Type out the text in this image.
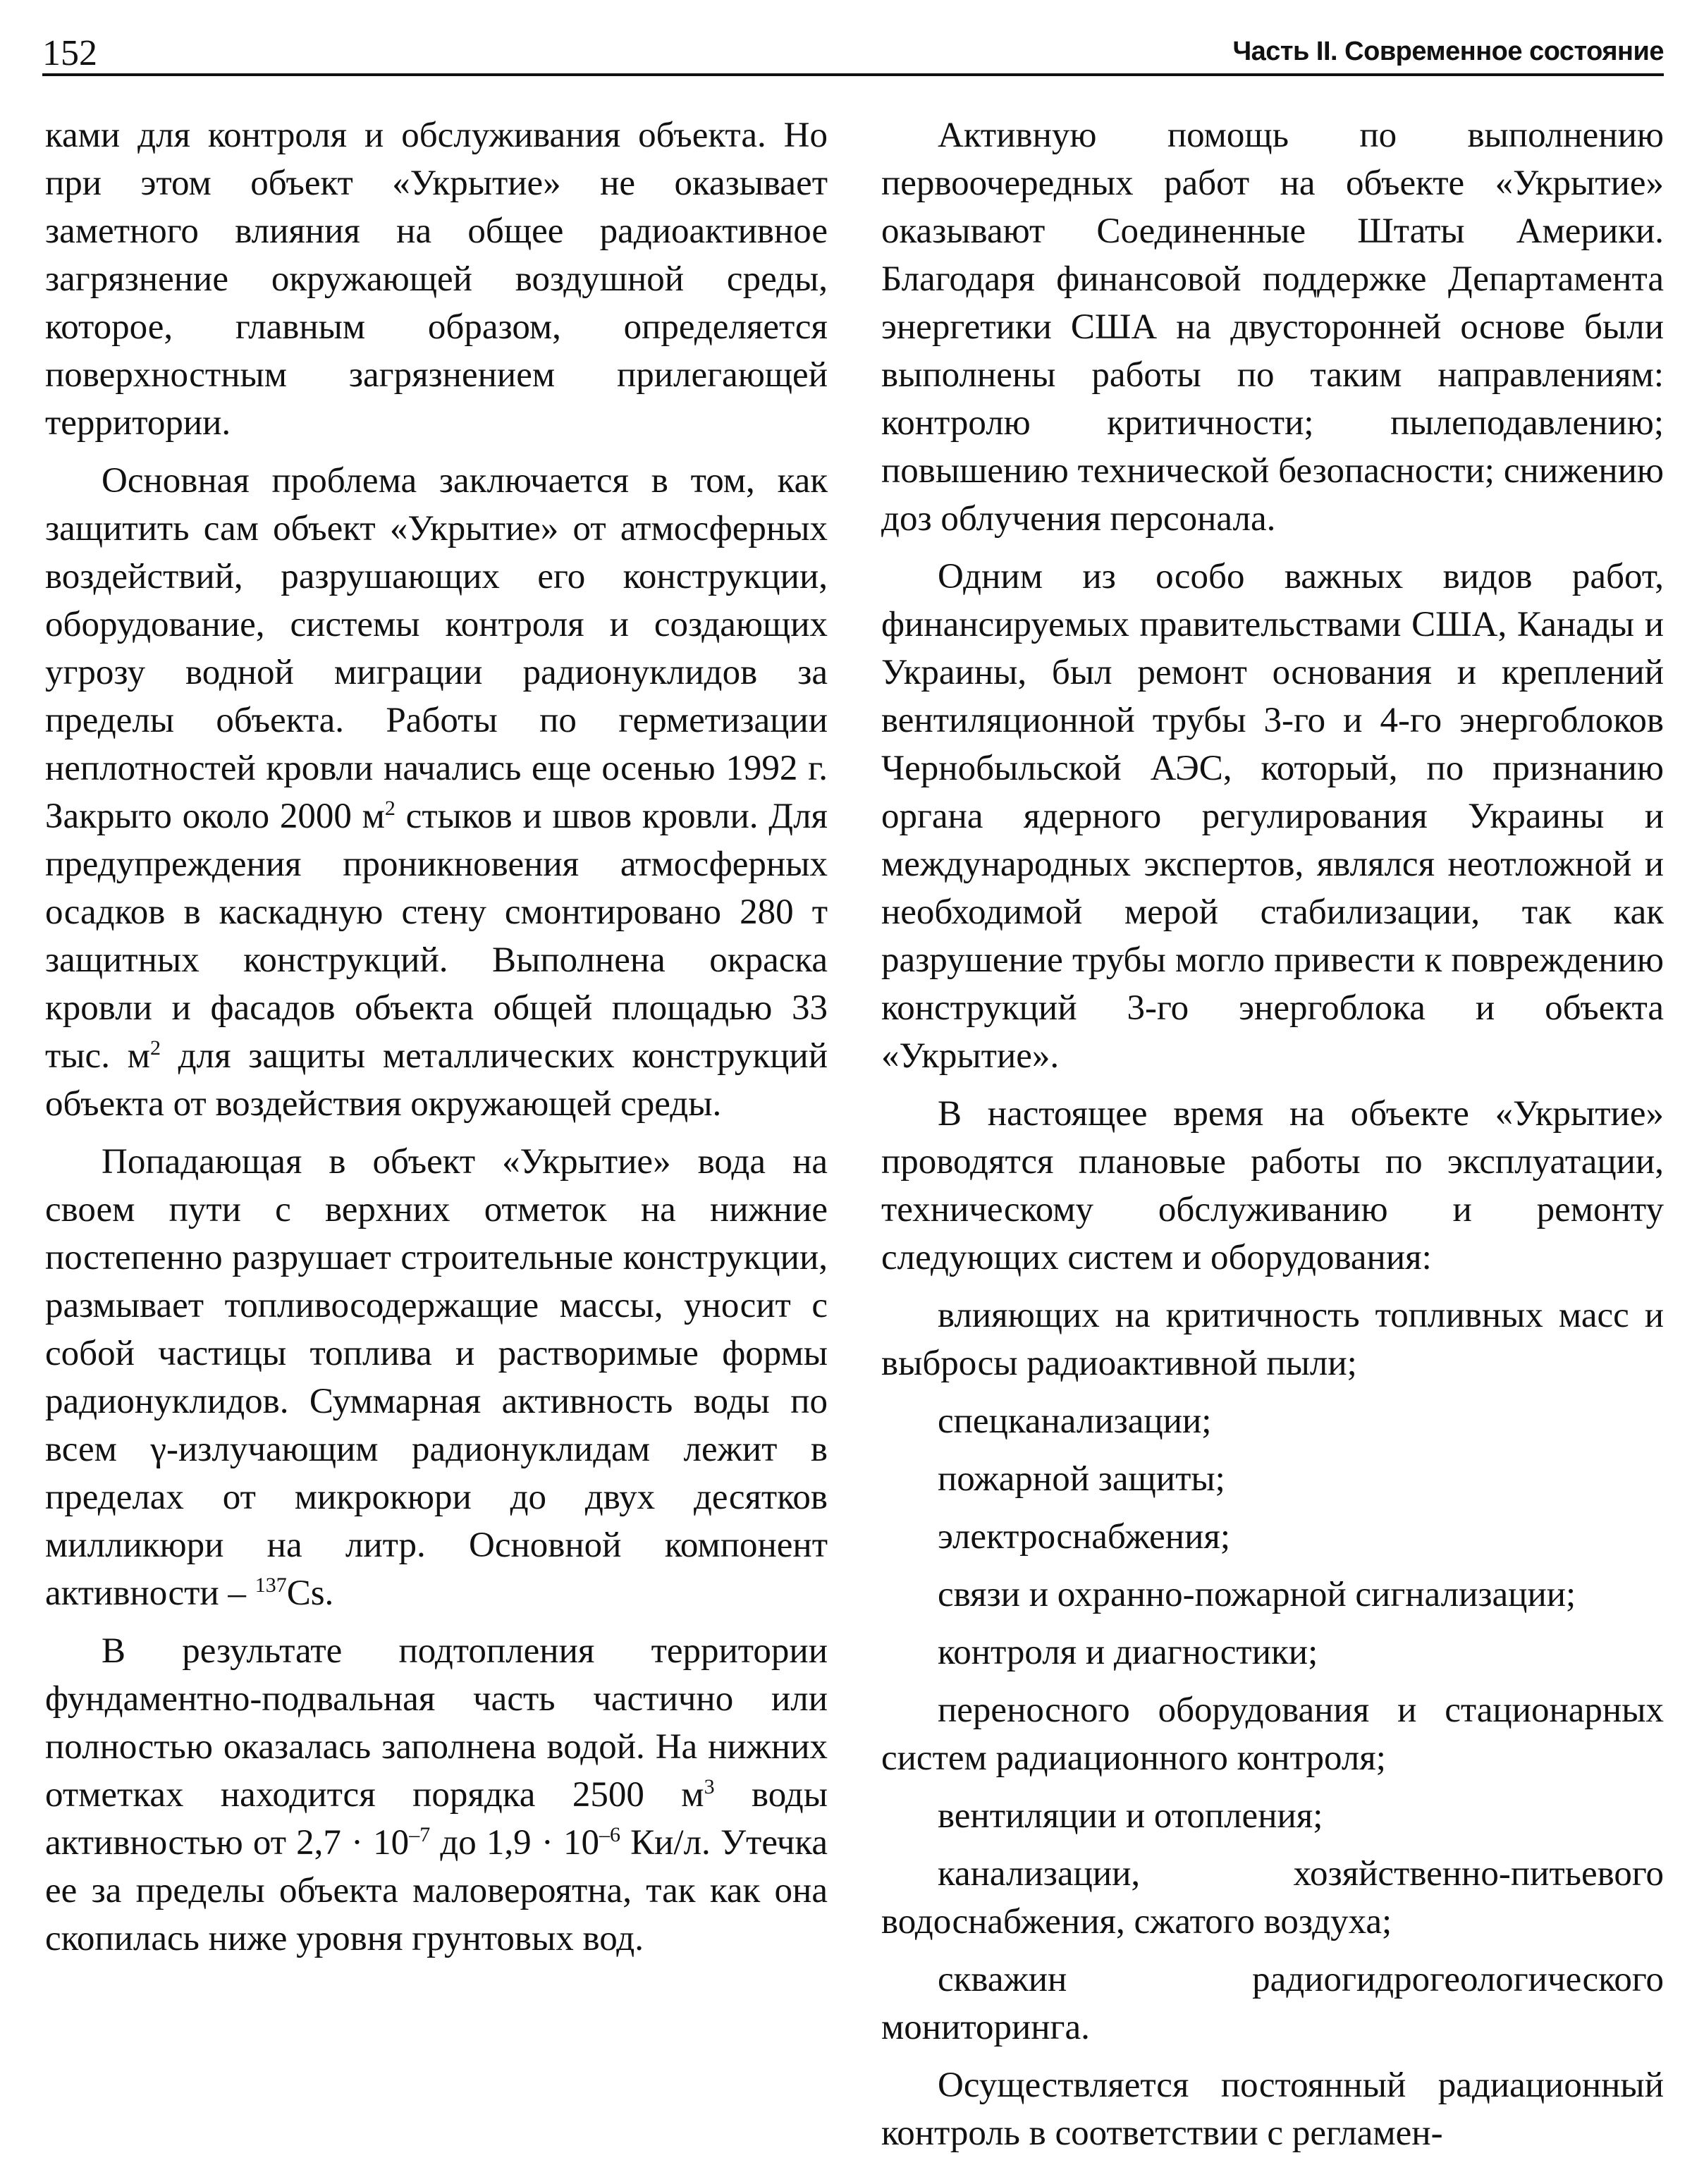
152	Часть II. Современное состояние

ками для контроля и обслуживания объекта. Но при этом объект «Укрытие» не оказывает заметного влияния на общее радиоактивное загрязнение окружающей воздушной среды, которое, главным образом, определяется поверхностным загрязнением прилегающей территории.

Основная проблема заключается в том, как защитить сам объект «Укрытие» от атмосферных воздействий, разрушающих его конструкции, оборудование, системы контроля и создающих угрозу водной миграции радионуклидов за пределы объекта. Работы по герметизации неплотностей кровли начались еще осенью 1992 г. Закрыто около 2000 $м^2$ стыков и швов кровли. Для предупреждения проникновения атмосферных осадков в каскадную стену смонтировано 280 т защитных конструкций. Выполнена окраска кровли и фасадов объекта общей площадью 33 тыс. $м^2$ для защиты металлических конструкций объекта от воздействия окружающей среды.

Попадающая в объект «Укрытие» вода на своем пути с верхних отметок на нижние постепенно разрушает строительные конструкции, размывает топливосодержащие массы, уносит с собой частицы топлива и растворимые формы радионуклидов. Суммарная активность воды по всем γ-излучающим радионуклидам лежит в пределах от микрокюри до двух десятков милликюри на литр. Основной компонент активности – $^{137}$Cs.

В результате подтопления территории фундаментно-подвальная часть частично или полностью оказалась заполнена водой. На нижних отметках находится порядка 2500 $м^3$ воды активностью от $2,7 \cdot 10^{-7}$ до $1,9 \cdot 10^{-6}$ Ки/л. Утечка ее за пределы объекта маловероятна, так как она скопилась ниже уровня грунтовых вод.

Активную помощь по выполнению первоочередных работ на объекте «Укрытие» оказывают Соединенные Штаты Америки. Благодаря финансовой поддержке Департамента энергетики США на двусторонней основе были выполнены работы по таким направлениям: контролю критичности; пылеподавлению; повышению технической безопасности; снижению доз облучения персонала.

Одним из особо важных видов работ, финансируемых правительствами США, Канады и Украины, был ремонт основания и креплений вентиляционной трубы 3-го и 4-го энергоблоков Чернобыльской АЭС, который, по признанию органа ядерного регулирования Украины и международных экспертов, являлся неотложной и необходимой мерой стабилизации, так как разрушение трубы могло привести к повреждению конструкций 3-го энергоблока и объекта «Укрытие».

В настоящее время на объекте «Укрытие» проводятся плановые работы по эксплуатации, техническому обслуживанию и ремонту следующих систем и оборудования:

влияющих на критичность топливных масс и выбросы радиоактивной пыли;

спецканализации;

пожарной защиты;

электроснабжения;

связи и охранно-пожарной сигнализации;

контроля и диагностики;

переносного оборудования и стационарных систем радиационного контроля;

вентиляции и отопления;

канализации, хозяйственно-питьевого водоснабжения, сжатого воздуха;

скважин радиогидрогеологического мониторинга.

Осуществляется постоянный радиационный контроль в соответствии с регламен-
